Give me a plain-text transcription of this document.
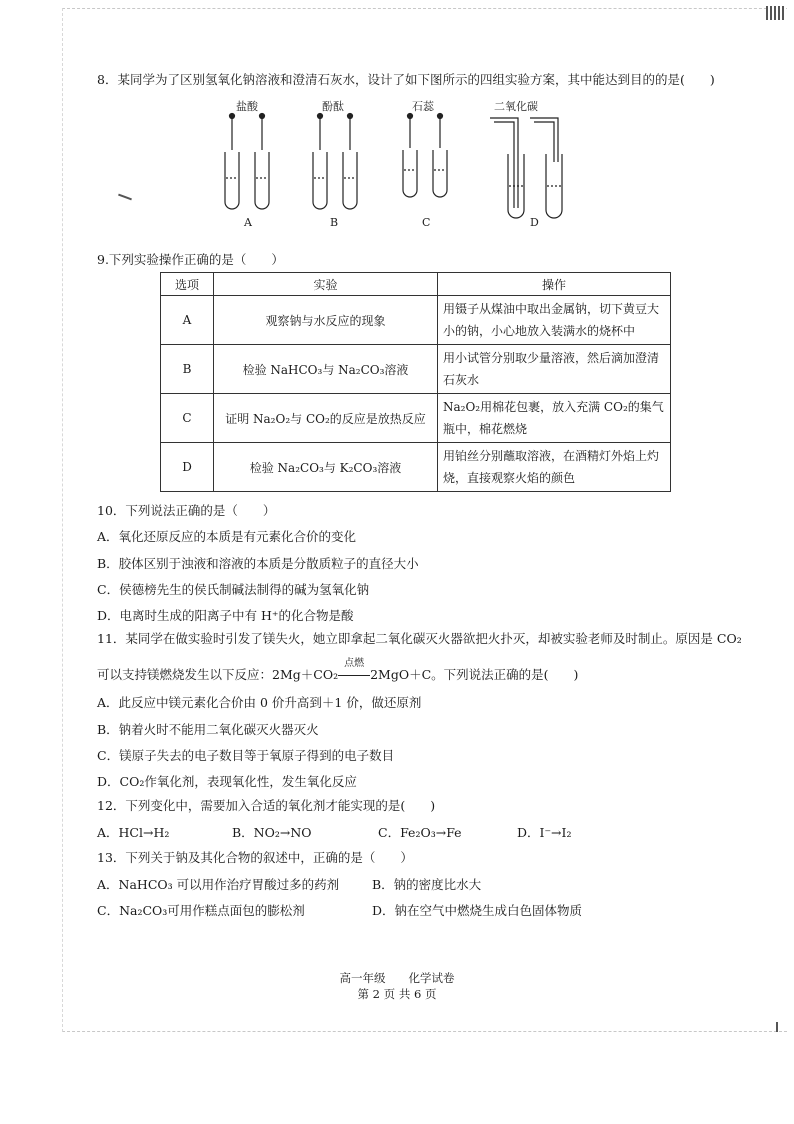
8．某同学为了区别氢氧化钠溶液和澄清石灰水，设计了如下图所示的四组实验方案，其中能达到目的的是(　　)
盐酸	酚酞	石蕊	二氧化碳
A	B	C	D
9.下列实验操作正确的是（　　）
选项	实验	操作
A	观察钠与水反应的现象	用镊子从煤油中取出金属钠，切下黄豆大
小的钠，小心地放入装满水的烧杯中
B	检验 NaHCO₃与 Na₂CO₃溶液	用小试管分别取少量溶液，然后滴加澄清
石灰水
C	证明 Na₂O₂与 CO₂的反应是放热反应	Na₂O₂用棉花包裹，放入充满 CO₂的集气
瓶中，棉花燃烧
D	检验 Na₂CO₃与 K₂CO₃溶液	用铂丝分别蘸取溶液，在酒精灯外焰上灼
烧，直接观察火焰的颜色
10．下列说法正确的是（　　）
A．氧化还原反应的本质是有元素化合价的变化
B．胶体区别于浊液和溶液的本质是分散质粒子的直径大小
C．侯德榜先生的侯氏制碱法制得的碱为氢氧化钠
D．电离时生成的阳离子中有 H⁺的化合物是酸
11．某同学在做实验时引发了镁失火，她立即拿起二氧化碳灭火器欲把火扑灭，却被实验老师及时制止。原因是 CO₂
可以支持镁燃烧发生以下反应：2Mg＋CO₂
点燃
2MgO＋C。下列说法正确的是(　　)
A．此反应中镁元素化合价由 0 价升高到＋1 价，做还原剂
B．钠着火时不能用二氧化碳灭火器灭火
C．镁原子失去的电子数目等于氧原子得到的电子数目
D．CO₂作氧化剂，表现氧化性，发生氧化反应
12．下列变化中，需要加入合适的氧化剂才能实现的是(　　)
A．HCl→H₂	B．NO₂→NO	C．Fe₂O₃→Fe	D．I⁻→I₂
13．下列关于钠及其化合物的叙述中，正确的是（　　）
A．NaHCO₃ 可以用作治疗胃酸过多的药剂	B．钠的密度比水大
C．Na₂CO₃可用作糕点面包的膨松剂	D．钠在空气中燃烧生成白色固体物质
高一年级　　化学试卷
第 2 页 共 6 页
